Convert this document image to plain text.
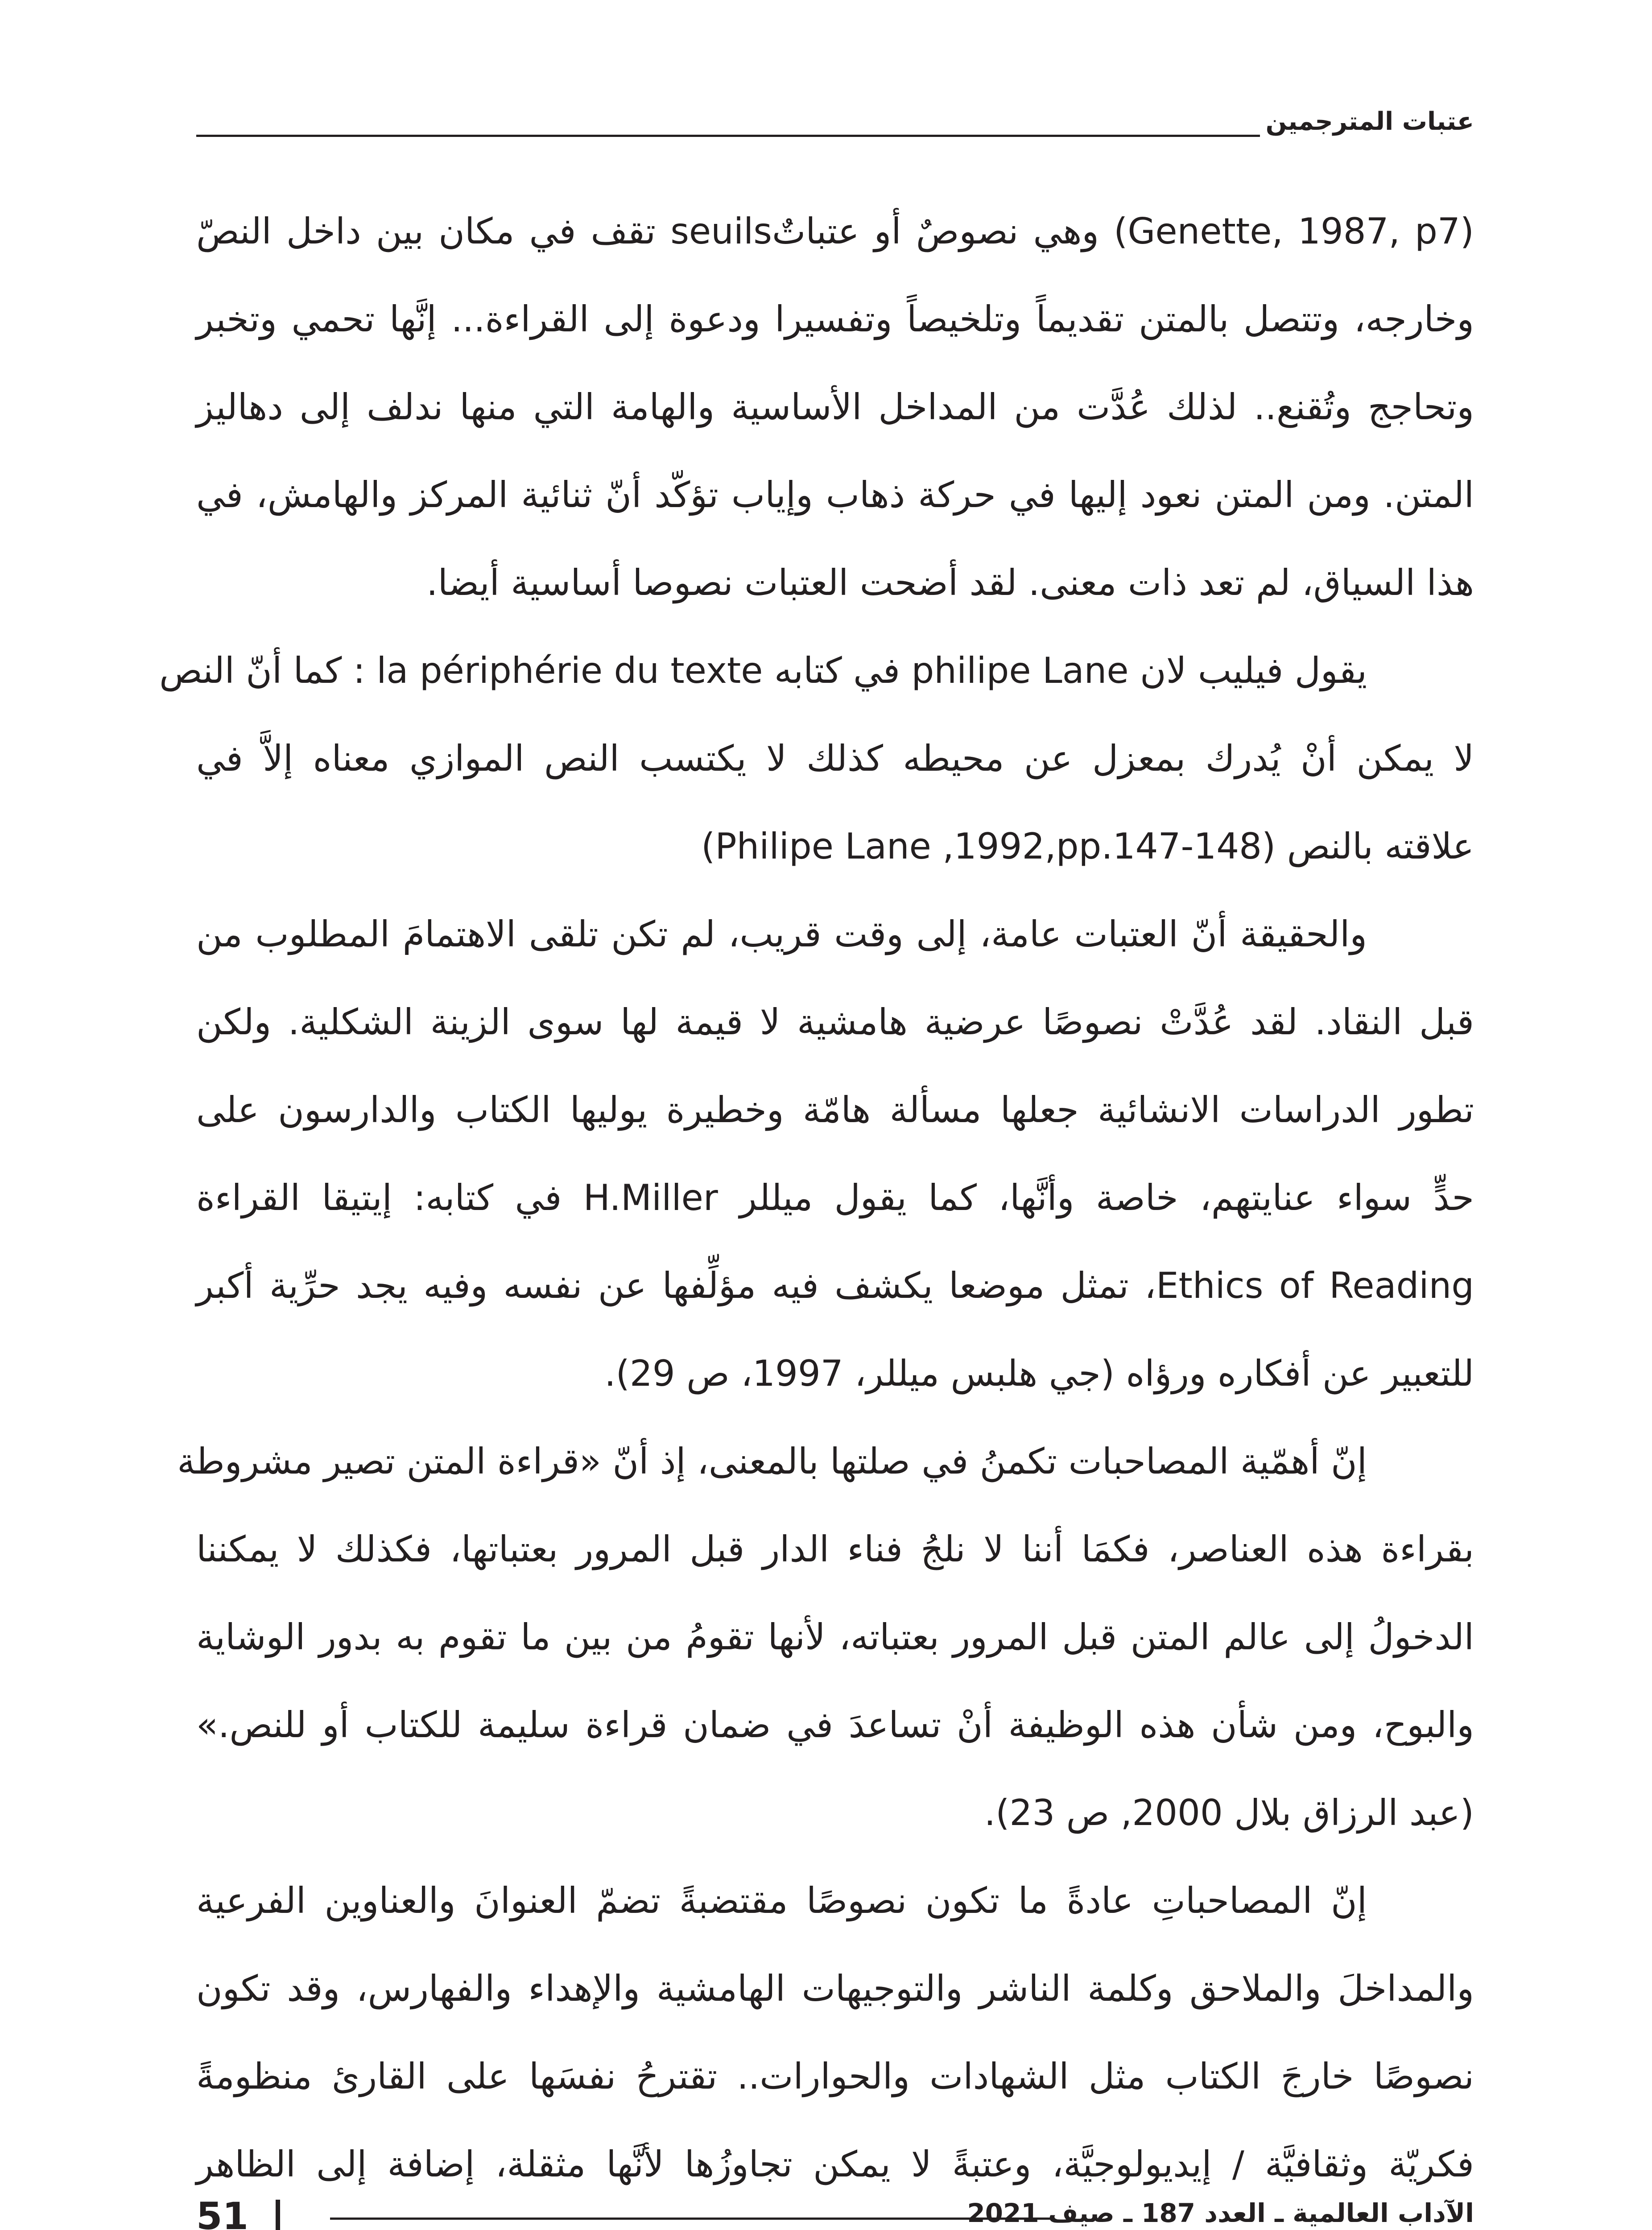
عتبات المترجمين

(Genette, 1987, p7) وهي نصوصٌ أو عتباتٌseuils تقف في مكان بين داخل النصّ
وخارجه، وتتصل بالمتن تقديماً وتلخيصاً وتفسيرا ودعوة إلى القراءة... إنَّها تحمي وتخبر
وتحاجج وتُقنع.. لذلك عُدَّت من المداخل الأساسية والهامة التي منها ندلف إلى دهاليز
المتن. ومن المتن نعود إليها في حركة ذهاب وإياب تؤكّد أنّ ثنائية المركز والهامش، في
هذا السياق، لم تعد ذات معنى. لقد أضحت العتبات نصوصا أساسية أيضا.

يقول فيليب لان philipe Lane في كتابه la périphérie du texte : كما أنّ النص
لا يمكن أنْ يُدرك بمعزل عن محيطه كذلك لا يكتسب النص الموازي معناه إلاَّ في
علاقته بالنص (Philipe Lane ,1992,pp.147-148)

والحقيقة أنّ العتبات عامة، إلى وقت قريب، لم تكن تلقى الاهتمامَ المطلوب من
قبل النقاد. لقد عُدَّتْ نصوصًا عرضية هامشية لا قيمة لها سوى الزينة الشكلية. ولكن
تطور الدراسات الانشائية جعلها مسألة هامّة وخطيرة يوليها الكتاب والدارسون على
حدٍّ سواء عنايتهم، خاصة وأنَّها، كما يقول ميللر H.Miller في كتابه: إيتيقا القراءة
Ethics of Reading، تمثل موضعا يكشف فيه مؤلِّفها عن نفسه وفيه يجد حرِّية أكبر
للتعبير عن أفكاره ورؤاه (جي هلبس ميللر، 1997، ص 29).

إنّ أهمّية المصاحبات تكمنُ في صلتها بالمعنى، إذ أنّ «قراءة المتن تصير مشروطة
بقراءة هذه العناصر، فكمَا أننا لا نلجُ فناء الدار قبل المرور بعتباتها، فكذلك لا يمكننا
الدخولُ إلى عالم المتن قبل المرور بعتباته، لأنها تقومُ من بين ما تقوم به بدور الوشاية
والبوح، ومن شأن هذه الوظيفة أنْ تساعدَ في ضمان قراءة سليمة للكتاب أو للنص.»
(عبد الرزاق بلال 2000, ص 23).

إنّ المصاحباتِ عادةً ما تكون نصوصًا مقتضبةً تضمّ العنوانَ والعناوين الفرعية
والمداخلَ والملاحق وكلمة الناشر والتوجيهات الهامشية والإهداء والفهارس، وقد تكون
نصوصًا خارجَ الكتاب مثل الشهادات والحوارات.. تقترحُ نفسَها على القارئ منظومةً
فكريّة وثقافيَّة / إيديولوجيَّة، وعتبةً لا يمكن تجاوزُها لأنَّها مثقلة، إضافة إلى الظاهر

51	الآداب العالمية ـ العدد 187 ـ صيف 2021
